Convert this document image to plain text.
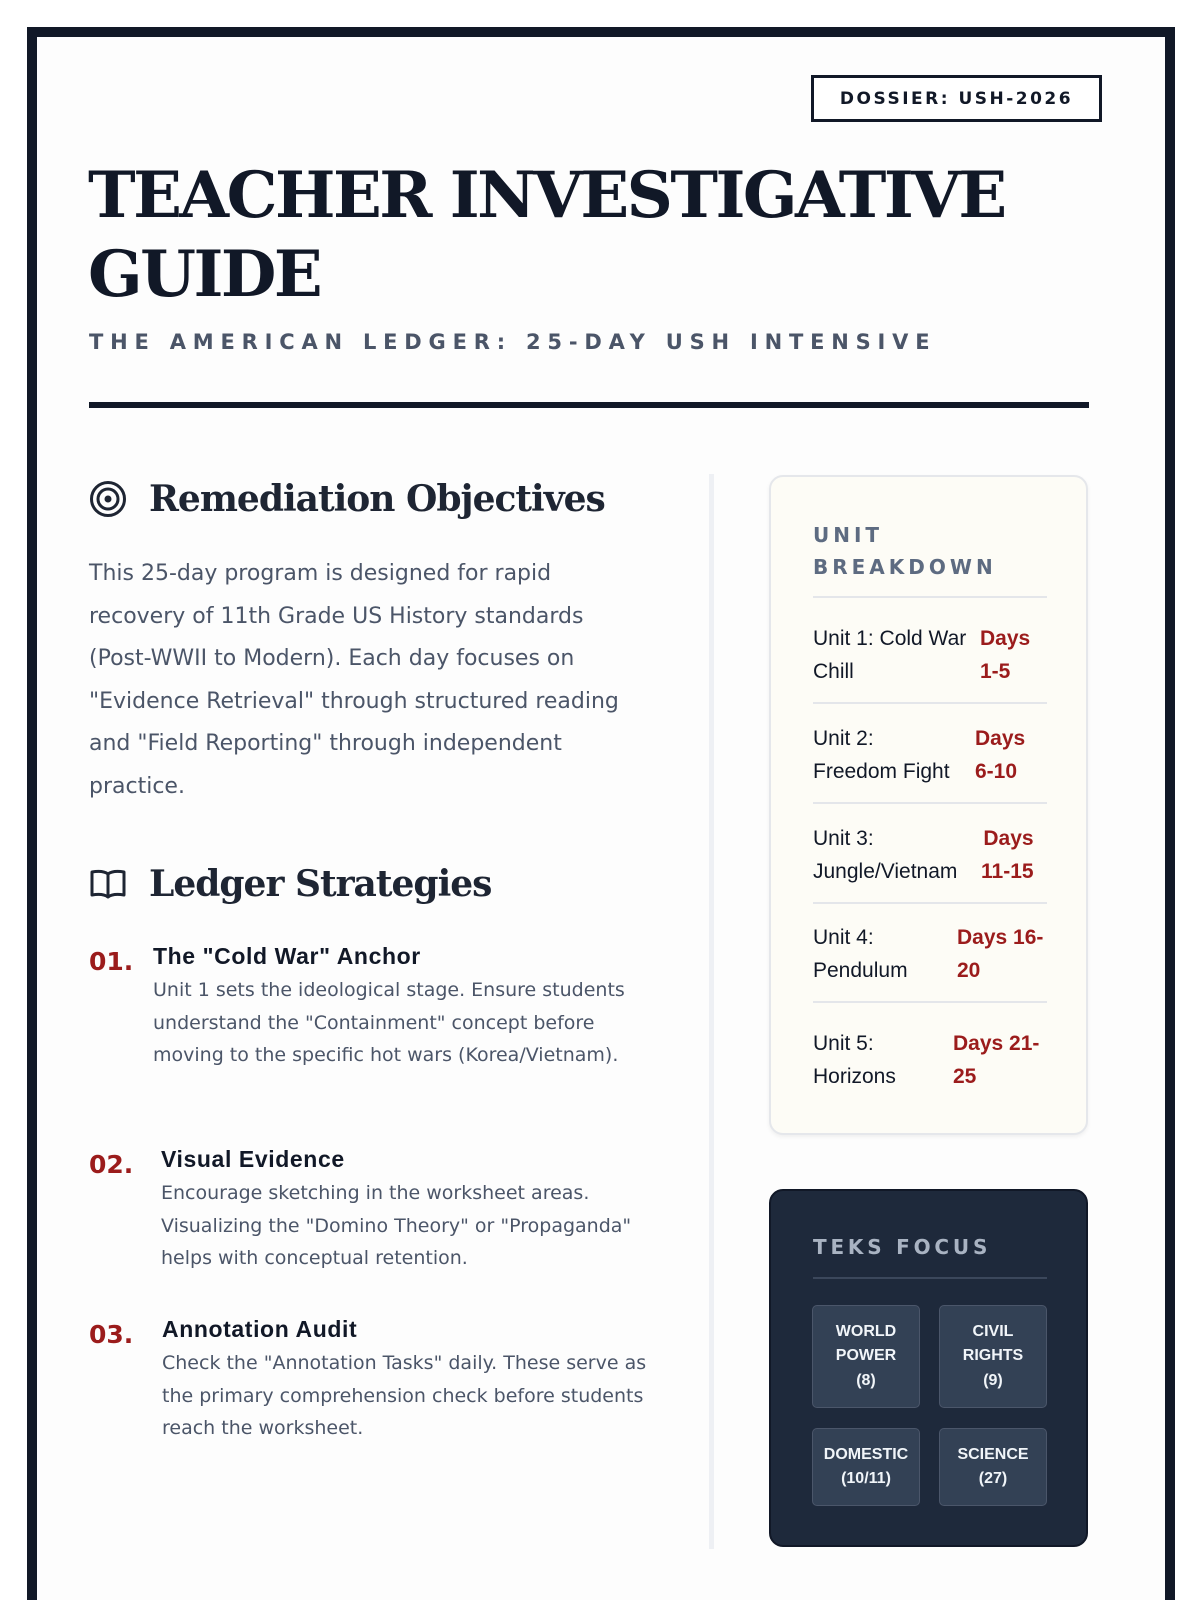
DOSSIER: USH-2026
TEACHER INVESTIGATIVE GUIDE
THE AMERICAN LEDGER: 25-DAY USH INTENSIVE
Remediation Objectives

This 25-day program is designed for rapid recovery of 11th Grade US History standards (Post-WWII to Modern). Each day focuses on "Evidence Retrieval" through structured reading and "Field Reporting" through independent practice.

Ledger Strategies
01. The "Cold War" Anchor
Unit 1 sets the ideological stage. Ensure students understand the "Containment" concept before moving to the specific hot wars (Korea/Vietnam).
02. Visual Evidence
Encourage sketching in the worksheet areas. Visualizing the "Domino Theory" or "Propaganda" helps with conceptual retention.
03. Annotation Audit
Check the "Annotation Tasks" daily. These serve as the primary comprehension check before students reach the worksheet.
UNIT BREAKDOWN
Unit 1: Cold War
Chill
Days
1-5
Unit 2:
Freedom Fight
Days
6-10
Unit 3:
Jungle/Vietnam
Days
11-15
Unit 4:
Pendulum
Days 16-
20
Unit 5:
Horizons
Days 21-
25
TEKS FOCUS
WORLD
POWER
(8)
CIVIL
RIGHTS
(9)
DOMESTIC
(10/11)
SCIENCE
(27)
